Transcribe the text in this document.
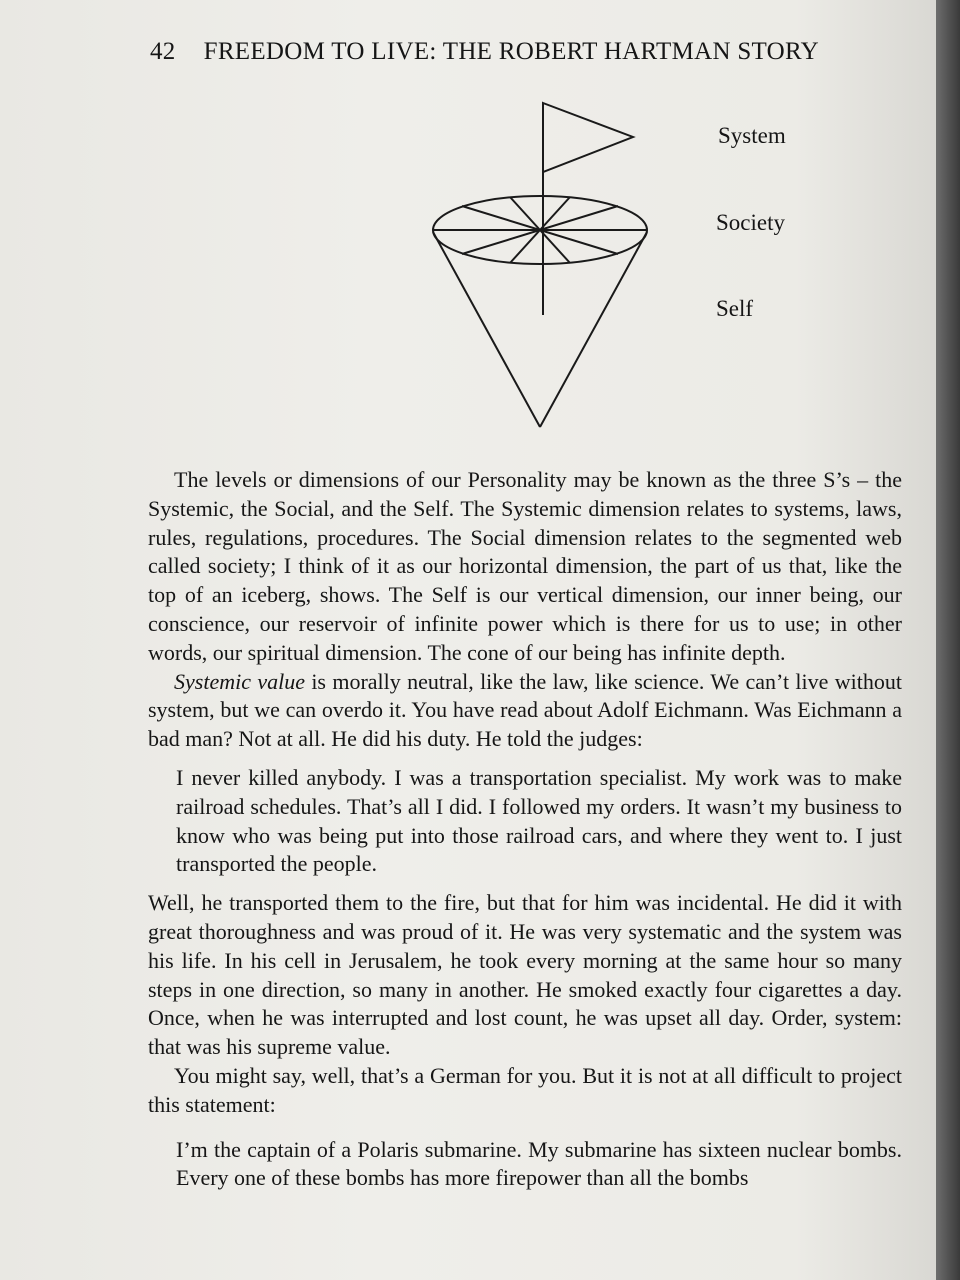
42 FREEDOM TO LIVE: THE ROBERT HARTMAN STORY
System
Society
Self

The levels or dimensions of our Personality may be known as the three S’s – the Systemic, the Social, and the Self. The Systemic dimension relates to systems, laws, rules, regulations, procedures. The Social dimension relates to the segmented web called society; I think of it as our horizontal dimension, the part of us that, like the top of an iceberg, shows. The Self is our vertical dimension, our inner being, our conscience, our reservoir of infinite power which is there for us to use; in other words, our spiritual dimension. The cone of our being has infinite depth.

Systemic value is morally neutral, like the law, like science. We can’t live without system, but we can overdo it. You have read about Adolf Eichmann. Was Eichmann a bad man? Not at all. He did his duty. He told the judges:

I never killed anybody. I was a transportation specialist. My work was to make railroad schedules. That’s all I did. I followed my orders. It wasn’t my business to know who was being put into those railroad cars, and where they went to. I just transported the people.

Well, he transported them to the fire, but that for him was incidental. He did it with great thoroughness and was proud of it. He was very systematic and the system was his life. In his cell in Jerusalem, he took every morning at the same hour so many steps in one direction, so many in another. He smoked exactly four cigarettes a day. Once, when he was interrupted and lost count, he was upset all day. Order, system: that was his supreme value.

You might say, well, that’s a German for you. But it is not at all difficult to project this statement:

I’m the captain of a Polaris submarine. My submarine has sixteen nuclear bombs. Every one of these bombs has more firepower than all the bombs
